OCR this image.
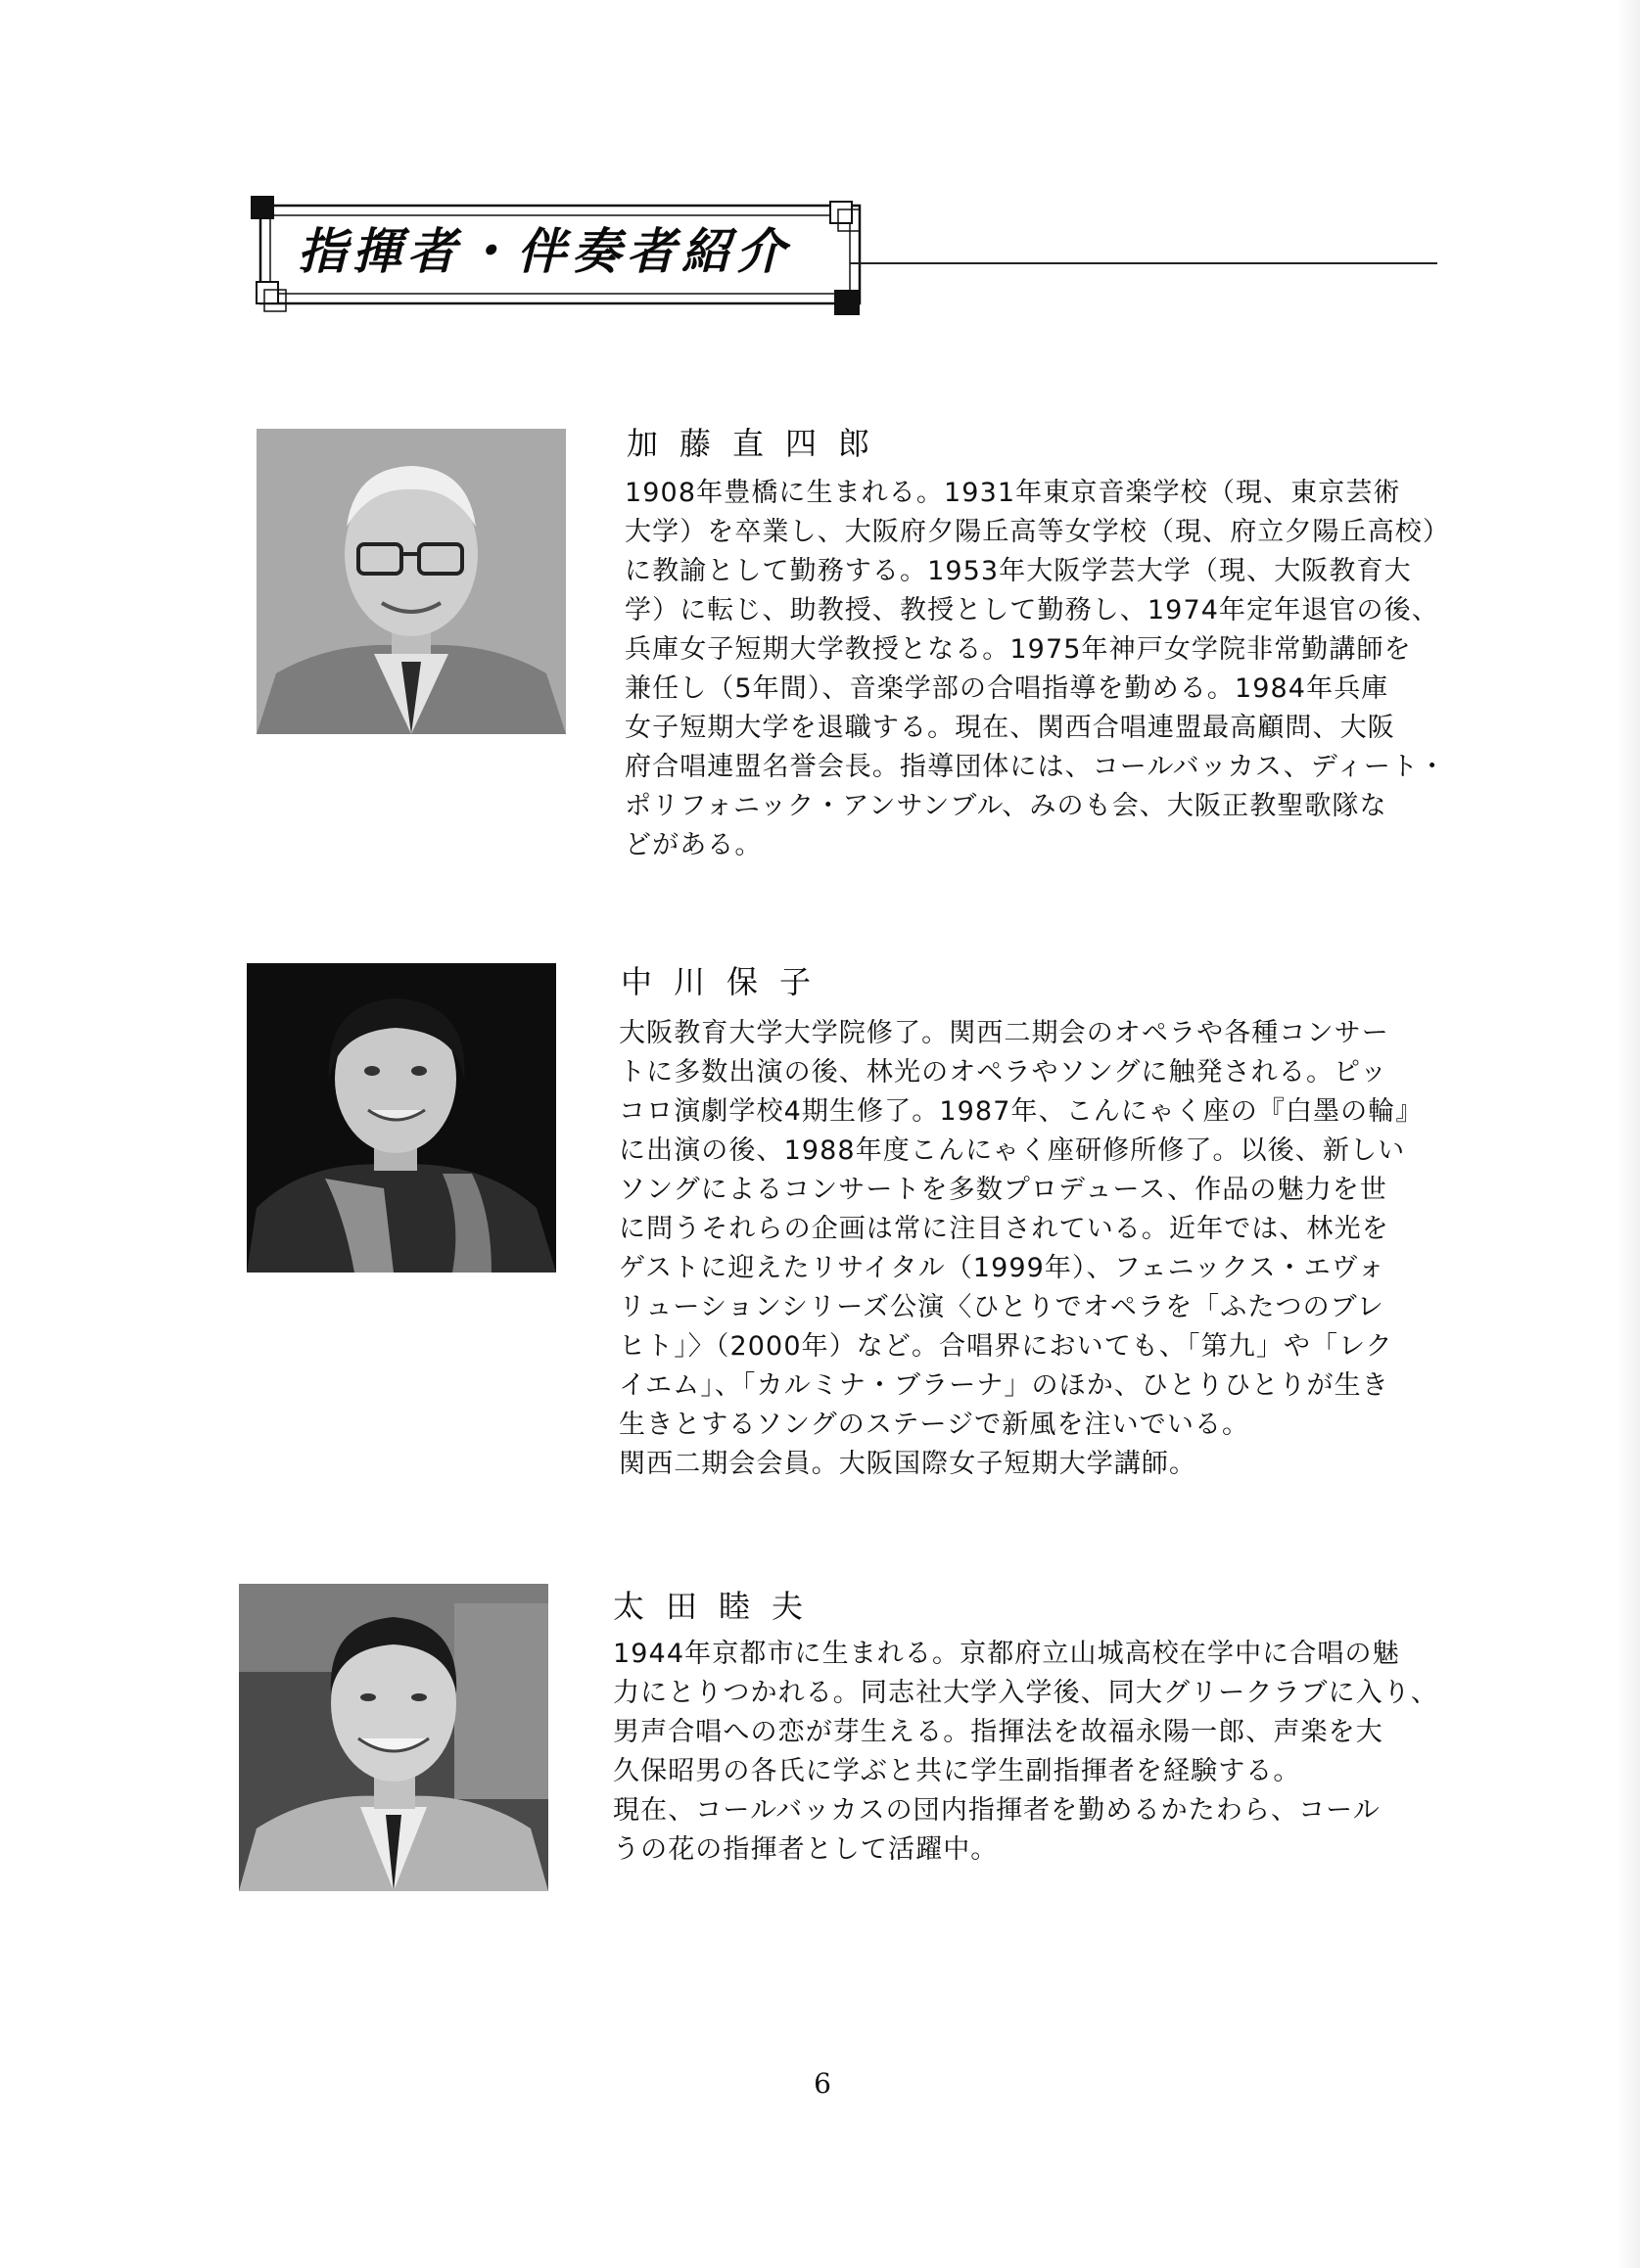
指揮者・伴奏者紹介
加藤直四郎
1908年豊橋に生まれる。1931年東京音楽学校（現、東京芸術
大学）を卒業し、大阪府夕陽丘高等女学校（現、府立夕陽丘高校）
に教諭として勤務する。1953年大阪学芸大学（現、大阪教育大
学）に転じ、助教授、教授として勤務し、1974年定年退官の後、
兵庫女子短期大学教授となる。1975年神戸女学院非常勤講師を
兼任し（5年間）、音楽学部の合唱指導を勤める。1984年兵庫
女子短期大学を退職する。現在、関西合唱連盟最高顧問、大阪
府合唱連盟名誉会長。指導団体には、コールバッカス、ディート・
ポリフォニック・アンサンブル、みのも会、大阪正教聖歌隊な
どがある。
中川保子
大阪教育大学大学院修了。関西二期会のオペラや各種コンサー
トに多数出演の後、林光のオペラやソングに触発される。ピッ
コロ演劇学校4期生修了。1987年、こんにゃく座の『白墨の輪』
に出演の後、1988年度こんにゃく座研修所修了。以後、新しい
ソングによるコンサートを多数プロデュース、作品の魅力を世
に問うそれらの企画は常に注目されている。近年では、林光を
ゲストに迎えたリサイタル（1999年）、フェニックス・エヴォ
リューションシリーズ公演〈ひとりでオペラを「ふたつのブレ
ヒト」〉（2000年）など。合唱界においても、「第九」や「レク
イエム」、「カルミナ・ブラーナ」のほか、ひとりひとりが生き
生きとするソングのステージで新風を注いでいる。
関西二期会会員。大阪国際女子短期大学講師。
太田睦夫
1944年京都市に生まれる。京都府立山城高校在学中に合唱の魅
力にとりつかれる。同志社大学入学後、同大グリークラブに入り、
男声合唱への恋が芽生える。指揮法を故福永陽一郎、声楽を大
久保昭男の各氏に学ぶと共に学生副指揮者を経験する。
現在、コールバッカスの団内指揮者を勤めるかたわら、コール
うの花の指揮者として活躍中。
6
